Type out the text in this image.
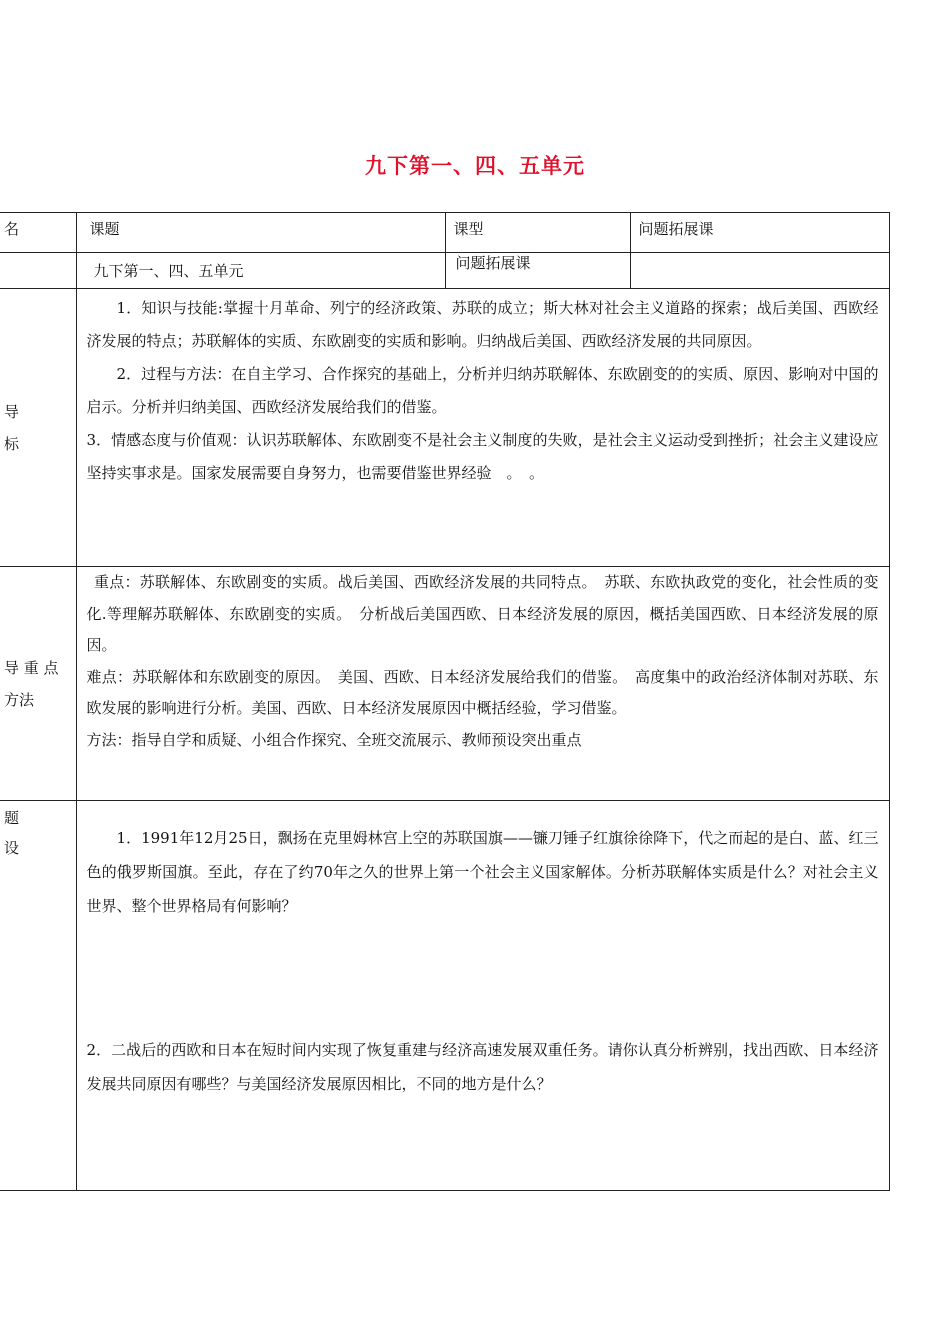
九下第一、四、五单元
名	课题	课型	问题拓展课
	九下第一、四、五单元	问题拓展课	

导
标	1．知识与技能:掌握十月革命、列宁的经济政策、苏联的成立；斯大林对社会主义道路的探索；战后美国、西欧经济发展的特点；苏联解体的实质、东欧剧变的实质和影响。归纳战后美国、西欧经济发展的共同原因。
2．过程与方法：在自主学习、合作探究的基础上，分析并归纳苏联解体、东欧剧变的的实质、原因、影响对中国的启示。分析并归纳美国、西欧经济发展给我们的借鉴。
3．情感态度与价值观：认识苏联解体、东欧剧变不是社会主义制度的失败，是社会主义运动受到挫折；社会主义建设应坚持实事求是。国家发展需要自身努力，也需要借鉴世界经验　。　。		

导 重 点
方法	重点：苏联解体、东欧剧变的实质。战后美国、西欧经济发展的共同特点。　苏联、东欧执政党的变化，社会性质的变化.等理解苏联解体、东欧剧变的实质。　分析战后美国西欧、日本经济发展的原因，概括美国西欧、日本经济发展的原因。
难点：苏联解体和东欧剧变的原因。　美国、西欧、日本经济发展给我们的借鉴。　高度集中的政治经济体制对苏联、东欧发展的影响进行分析。美国、西欧、日本经济发展原因中概括经验，学习借鉴。
方法：指导自学和质疑、小组合作探究、全班交流展示、教师预设突出重点		

题
设	1．1991年12月25日，飘扬在克里姆林宫上空的苏联国旗——镰刀锤子红旗徐徐降下，代之而起的是白、蓝、红三色的俄罗斯国旗。至此，存在了约70年之久的世界上第一个社会主义国家解体。分析苏联解体实质是什么？对社会主义世界、整个世界格局有何影响？
2．二战后的西欧和日本在短时间内实现了恢复重建与经济高速发展双重任务。请你认真分析辨别，找出西欧、日本经济发展共同原因有哪些？与美国经济发展原因相比，不同的地方是什么？		
